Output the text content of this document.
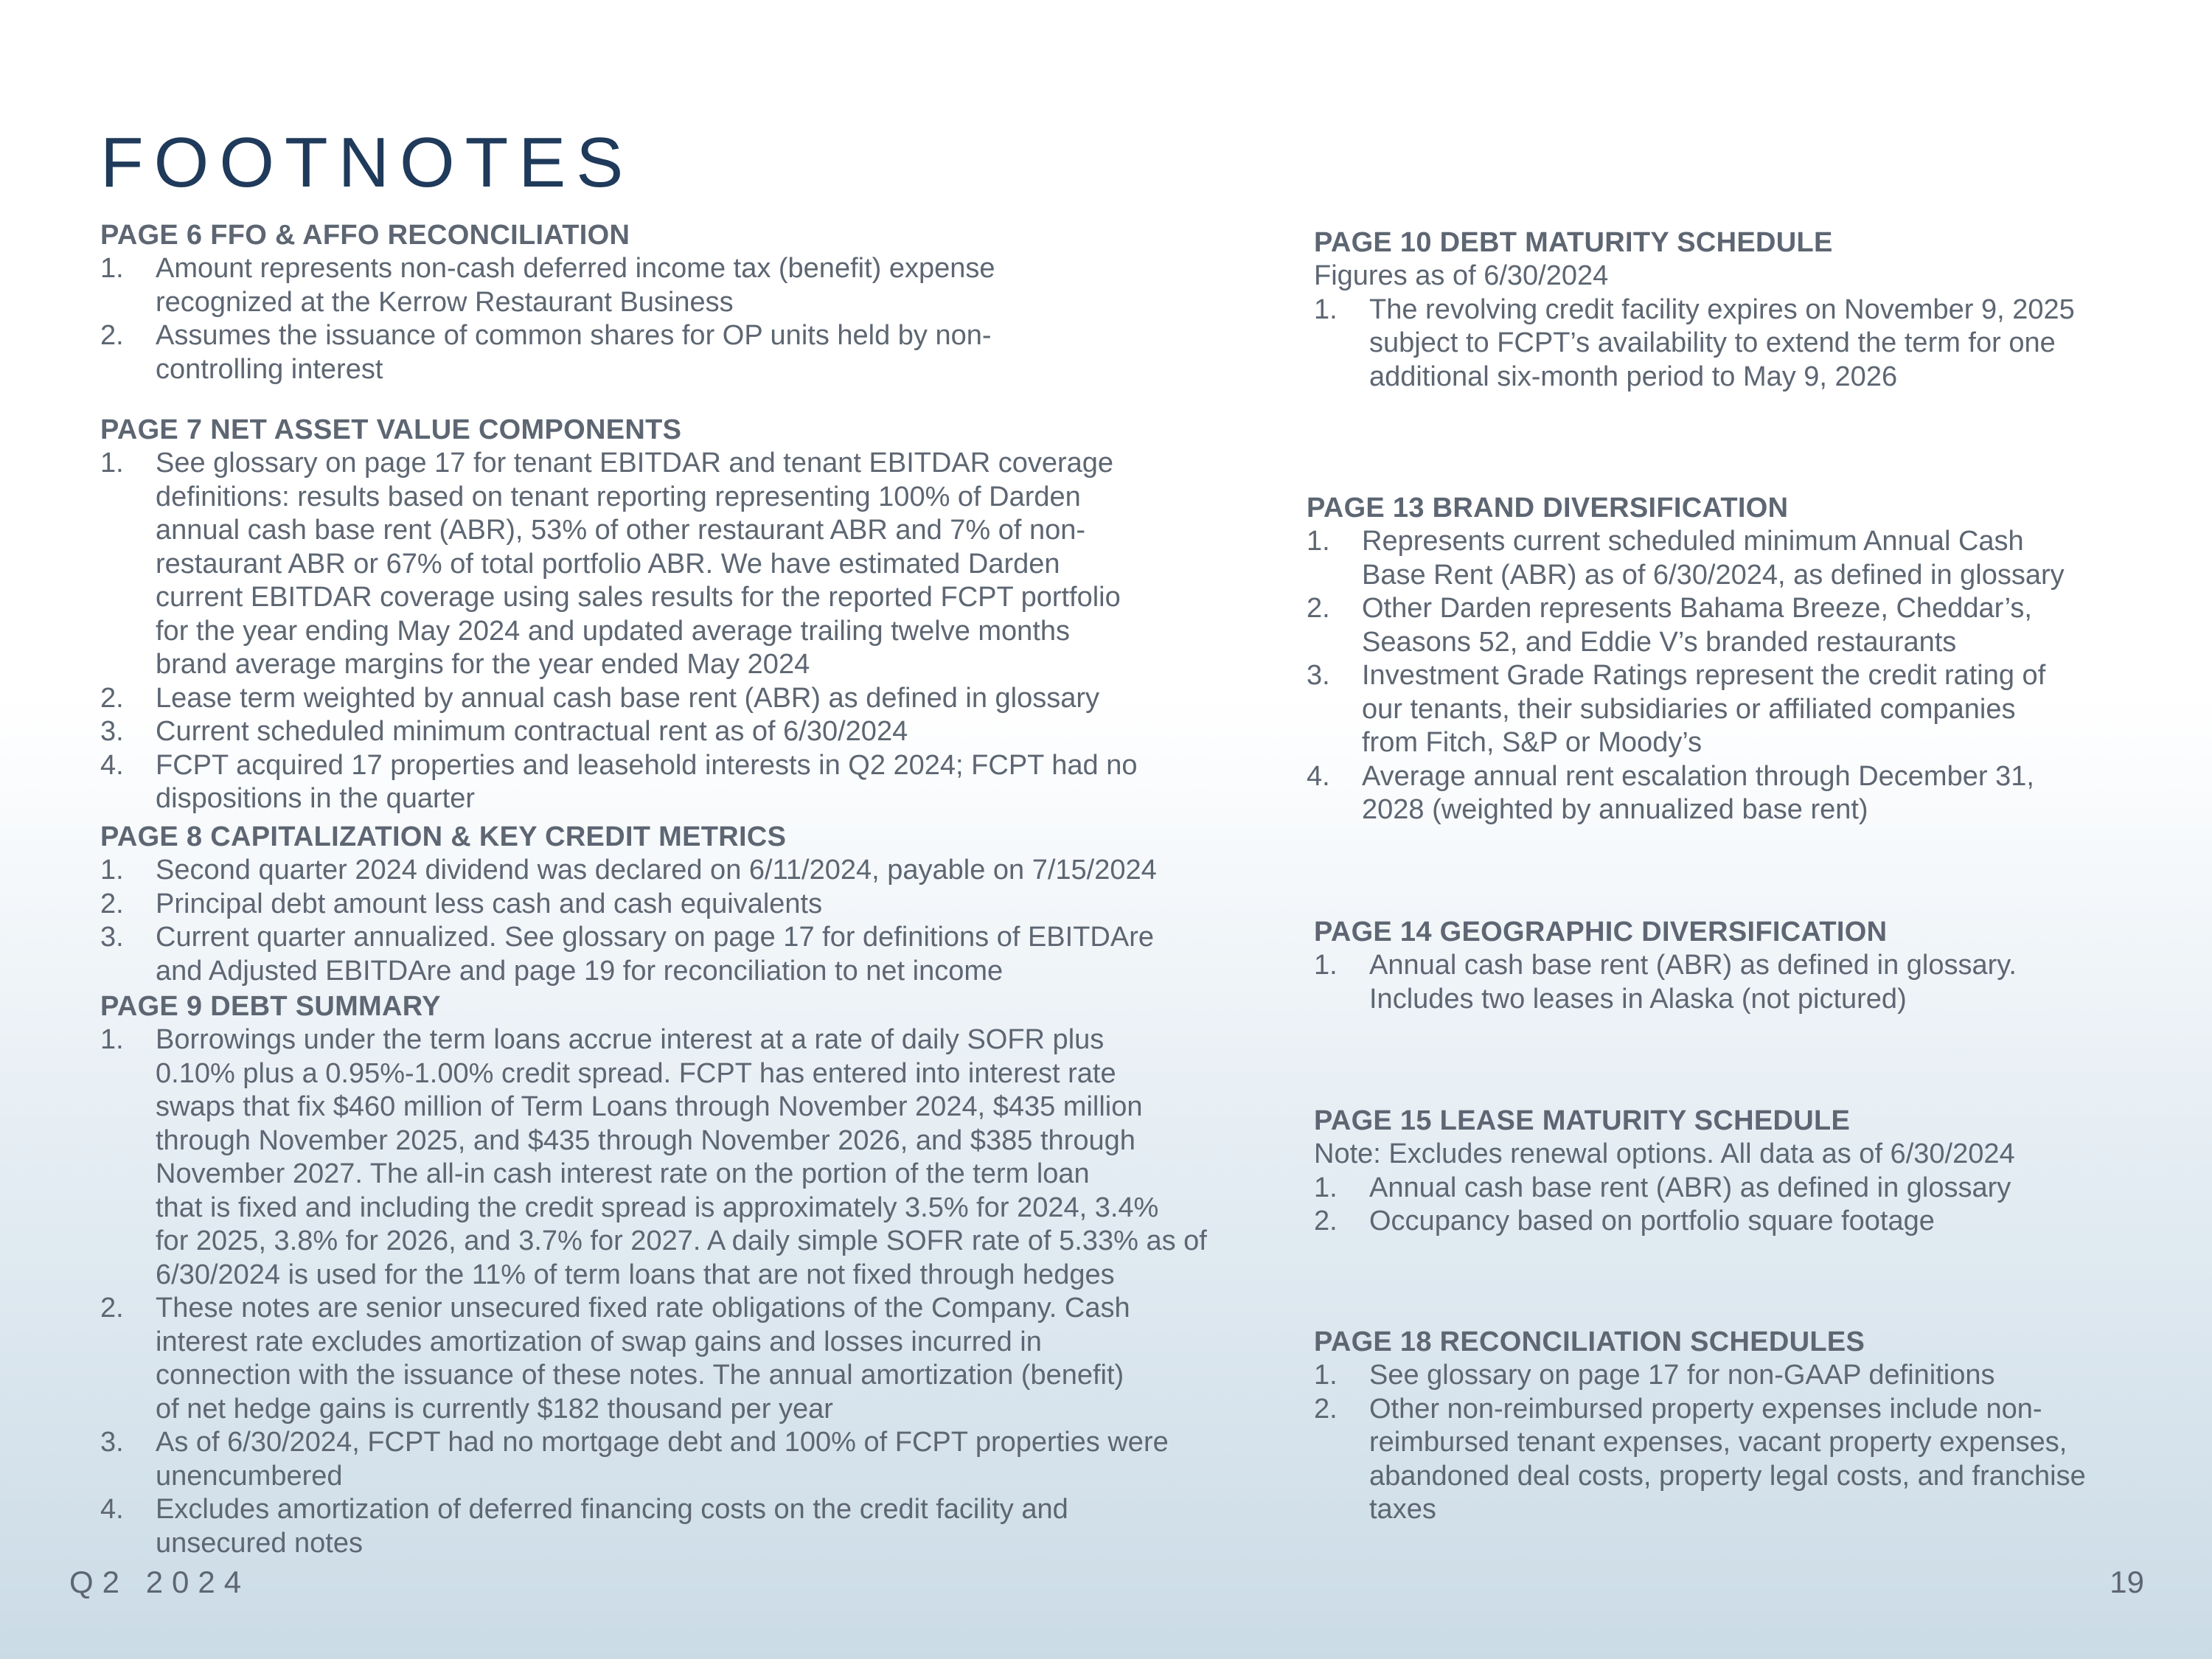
FOOTNOTES
PAGE 6 FFO & AFFO RECONCILIATION
1. Amount represents non-cash deferred income tax (benefit) expense
recognized at the Kerrow Restaurant Business
2. Assumes the issuance of common shares for OP units held by non-
controlling interest
PAGE 7 NET ASSET VALUE COMPONENTS
1. See glossary on page 17 for tenant EBITDAR and tenant EBITDAR coverage
definitions: results based on tenant reporting representing 100% of Darden
annual cash base rent (ABR), 53% of other restaurant ABR and 7% of non-
restaurant ABR or 67% of total portfolio ABR. We have estimated Darden
current EBITDAR coverage using sales results for the reported FCPT portfolio
for the year ending May 2024 and updated average trailing twelve months
brand average margins for the year ended May 2024
2. Lease term weighted by annual cash base rent (ABR) as defined in glossary
3. Current scheduled minimum contractual rent as of 6/30/2024
4. FCPT acquired 17 properties and leasehold interests in Q2 2024; FCPT had no
dispositions in the quarter
PAGE 8 CAPITALIZATION & KEY CREDIT METRICS
1. Second quarter 2024 dividend was declared on 6/11/2024, payable on 7/15/2024
2. Principal debt amount less cash and cash equivalents
3. Current quarter annualized. See glossary on page 17 for definitions of EBITDAre
and Adjusted EBITDAre and page 19 for reconciliation to net income
PAGE 9 DEBT SUMMARY
1. Borrowings under the term loans accrue interest at a rate of daily SOFR plus
0.10% plus a 0.95%-1.00% credit spread. FCPT has entered into interest rate
swaps that fix $460 million of Term Loans through November 2024, $435 million
through November 2025, and $435 through November 2026, and $385 through
November 2027. The all-in cash interest rate on the portion of the term loan
that is fixed and including the credit spread is approximately 3.5% for 2024, 3.4%
for 2025, 3.8% for 2026, and 3.7% for 2027. A daily simple SOFR rate of 5.33% as of
6/30/2024 is used for the 11% of term loans that are not fixed through hedges
2. These notes are senior unsecured fixed rate obligations of the Company. Cash
interest rate excludes amortization of swap gains and losses incurred in
connection with the issuance of these notes. The annual amortization (benefit)
of net hedge gains is currently $182 thousand per year
3. As of 6/30/2024, FCPT had no mortgage debt and 100% of FCPT properties were
unencumbered
4. Excludes amortization of deferred financing costs on the credit facility and
unsecured notes
PAGE 10 DEBT MATURITY SCHEDULE

Figures as of 6/30/2024

1. The revolving credit facility expires on November 9, 2025
subject to FCPT’s availability to extend the term for one
additional six-month period to May 9, 2026
PAGE 13 BRAND DIVERSIFICATION
1. Represents current scheduled minimum Annual Cash
Base Rent (ABR) as of 6/30/2024, as defined in glossary
2. Other Darden represents Bahama Breeze, Cheddar’s,
Seasons 52, and Eddie V’s branded restaurants
3. Investment Grade Ratings represent the credit rating of
our tenants, their subsidiaries or affiliated companies
from Fitch, S&P or Moody’s
4. Average annual rent escalation through December 31,
2028 (weighted by annualized base rent)
PAGE 14 GEOGRAPHIC DIVERSIFICATION
1. Annual cash base rent (ABR) as defined in glossary.
Includes two leases in Alaska (not pictured)
PAGE 15 LEASE MATURITY SCHEDULE

Note: Excludes renewal options. All data as of 6/30/2024

1. Annual cash base rent (ABR) as defined in glossary
2. Occupancy based on portfolio square footage
PAGE 18 RECONCILIATION SCHEDULES
1. See glossary on page 17 for non-GAAP definitions
2. Other non-reimbursed property expenses include non-
reimbursed tenant expenses, vacant property expenses,
abandoned deal costs, property legal costs, and franchise
taxes
Q2 2024	19
